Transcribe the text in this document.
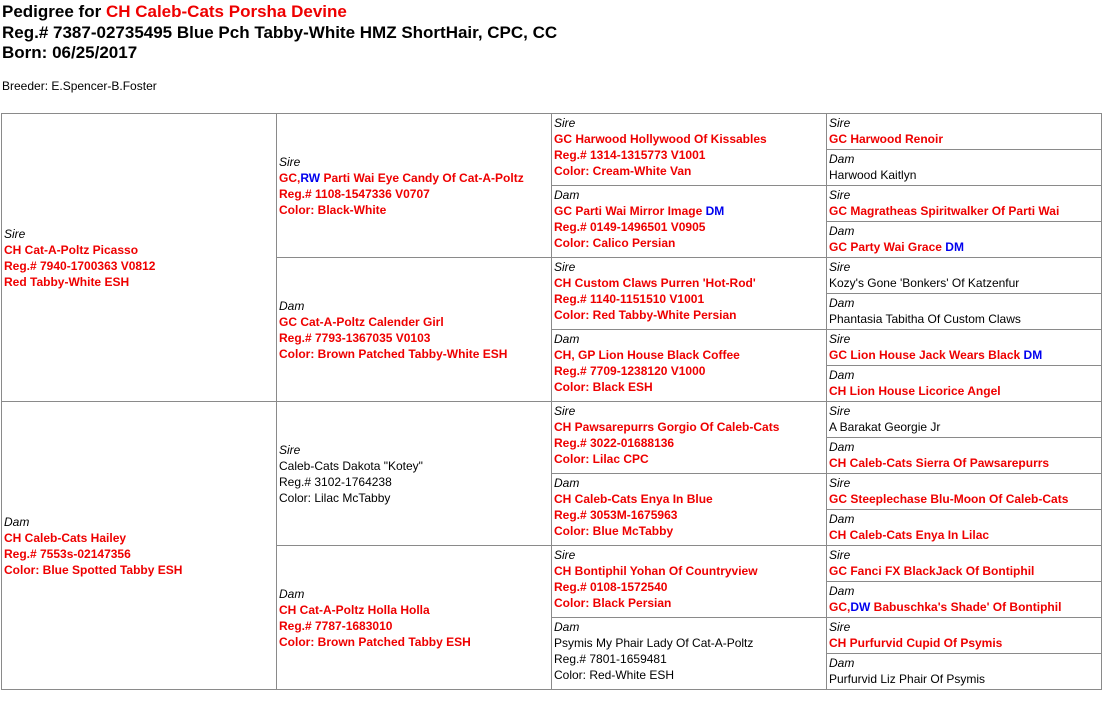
Pedigree for CH Caleb-Cats Porsha Devine
Reg.# 7387-02735495 Blue Pch Tabby-White HMZ ShortHair, CPC, CC
Born: 06/25/2017
Breeder: E.Spencer-B.Foster
Sire
CH Cat-A-Poltz Picasso
Reg.# 7940-1700363 V0812
Red Tabby-White ESH
Dam
CH Caleb-Cats Hailey
Reg.# 7553s-02147356
Color: Blue Spotted Tabby ESH
Sire
GC,RW Parti Wai Eye Candy Of Cat-A-Poltz
Reg.# 1108-1547336 V0707
Color: Black-White
Dam
GC Cat-A-Poltz Calender Girl
Reg.# 7793-1367035 V0103
Color: Brown Patched Tabby-White ESH
Sire
Caleb-Cats Dakota "Kotey"
Reg.# 3102-1764238
Color: Lilac McTabby
Dam
CH Cat-A-Poltz Holla Holla
Reg.# 7787-1683010
Color: Brown Patched Tabby ESH
Sire
GC Harwood Hollywood Of Kissables
Reg.# 1314-1315773 V1001
Color: Cream-White Van
Dam
GC Parti Wai Mirror Image DM
Reg.# 0149-1496501 V0905
Color: Calico Persian
Sire
CH Custom Claws Purren 'Hot-Rod'
Reg.# 1140-1151510 V1001
Color: Red Tabby-White Persian
Dam
CH, GP Lion House Black Coffee
Reg.# 7709-1238120 V1000
Color: Black ESH
Sire
CH Pawsarepurrs Gorgio Of Caleb-Cats
Reg.# 3022-01688136
Color: Lilac CPC
Dam
CH Caleb-Cats Enya In Blue
Reg.# 3053M-1675963
Color: Blue McTabby
Sire
CH Bontiphil Yohan Of Countryview
Reg.# 0108-1572540
Color: Black Persian
Dam
Psymis My Phair Lady Of Cat-A-Poltz
Reg.# 7801-1659481
Color: Red-White ESH
Sire
GC Harwood Renoir
Dam
Harwood Kaitlyn
Sire
GC Magratheas Spiritwalker Of Parti Wai
Dam
GC Party Wai Grace DM
Sire
Kozy's Gone 'Bonkers' Of Katzenfur
Dam
Phantasia Tabitha Of Custom Claws
Sire
GC Lion House Jack Wears Black DM
Dam
CH Lion House Licorice Angel
Sire
A Barakat Georgie Jr
Dam
CH Caleb-Cats Sierra Of Pawsarepurrs
Sire
GC Steeplechase Blu-Moon Of Caleb-Cats
Dam
CH Caleb-Cats Enya In Lilac
Sire
GC Fanci FX BlackJack Of Bontiphil
Dam
GC,DW Babuschka's Shade' Of Bontiphil
Sire
CH Purfurvid Cupid Of Psymis
Dam
Purfurvid Liz Phair Of Psymis
